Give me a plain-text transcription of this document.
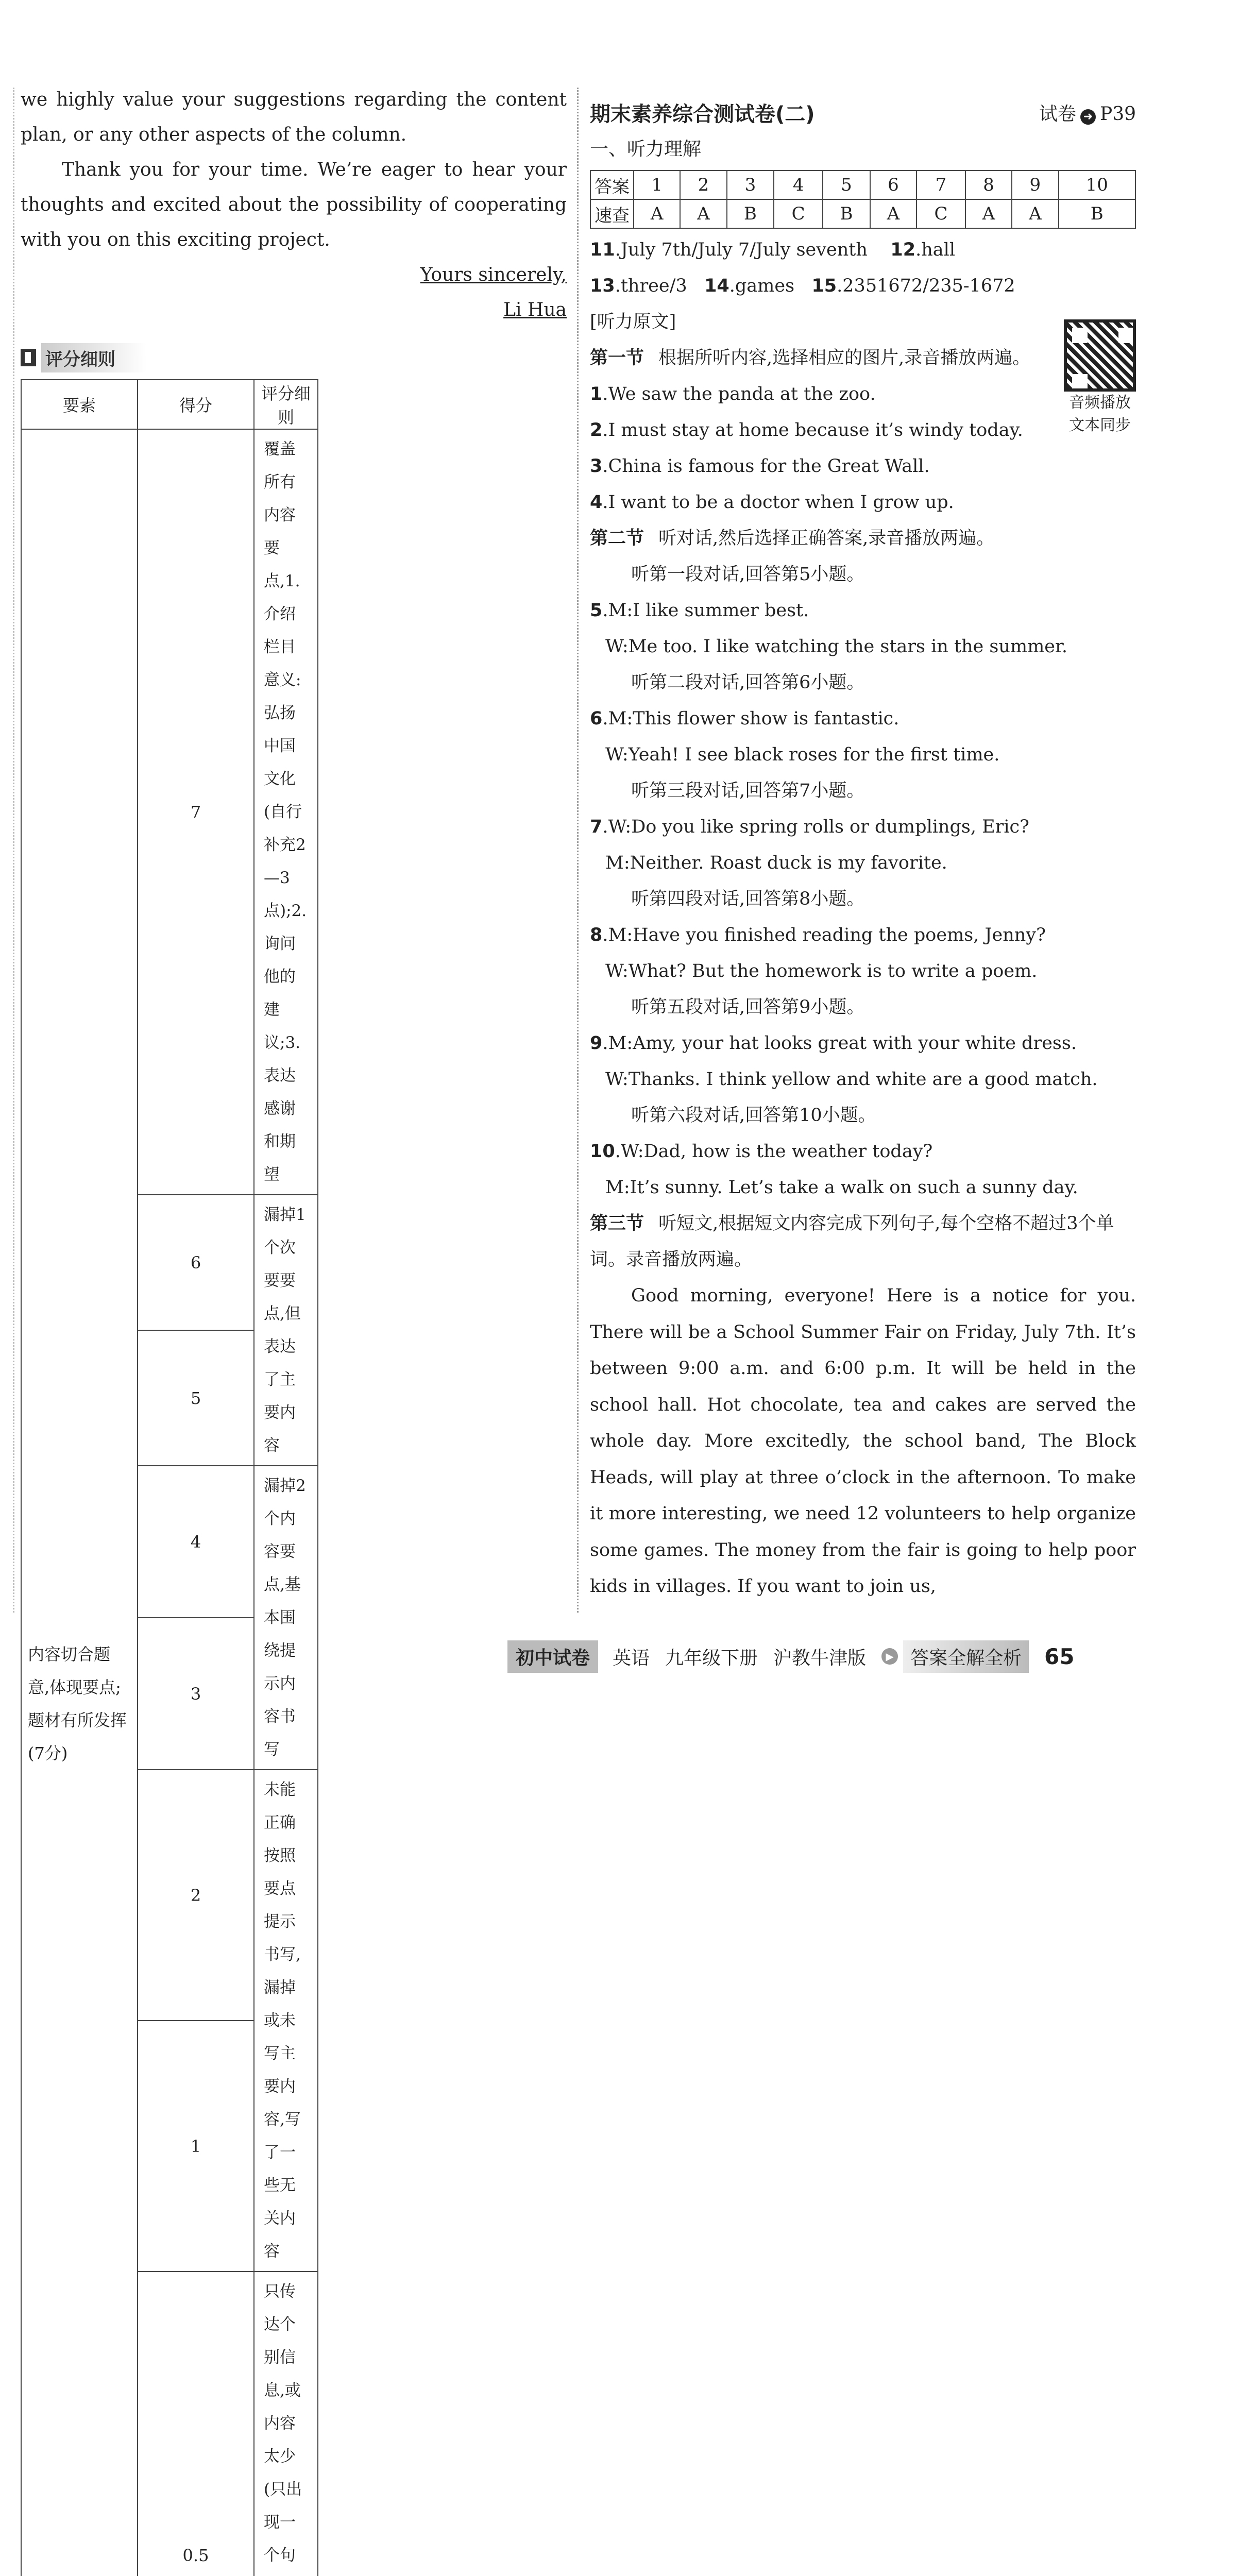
we highly value your suggestions regarding the content plan, or any other aspects of the column.

Thank you for your time. We’re eager to hear your thoughts and excited about the possibility of cooperating with you on this exciting project.

Yours sincerely,
Li Hua
评分细则
要素	得分	评分细则	
内容切合题意,体现要点;题材有所发挥(7分)	7	覆盖所有内容要点,1.介绍栏目意义:弘扬中国文化(自行补充2—3点);2.询问他的建议;3.表达感谢和期望	
	6	漏掉1个次要要点,但表达了主要内容	
	5		
	4	漏掉2个内容要点,基本围绕提示内容书写	
	3		
	2	未能正确按照要点提示书写,漏掉或未写主要内容,写了一些无关内容	
	1		
	0.5	只传达个别信息,或内容太少(只出现一个句	

期末素养综合测试卷(二)	试卷 ➜ P39
一、听力理解
答案	1	2	3	4	5	6	7	8	9	10
速查	A	A	B	C	B	A	C	A	A	B
11.July 7th/July 7/July seventh 12.hall
13.three/3 14.games 15.2351672/235-1672
[听力原文]
音频播放
文本同步
第一节 根据所听内容,选择相应的图片,录音播放两遍。
1.We saw the panda at the zoo.
2.I must stay at home because it’s windy today.
3.China is famous for the Great Wall.
4.I want to be a doctor when I grow up.
第二节 听对话,然后选择正确答案,录音播放两遍。
听第一段对话,回答第5小题。
5.M:I like summer best.
W:Me too. I like watching the stars in the summer.
听第二段对话,回答第6小题。
6.M:This flower show is fantastic.
W:Yeah! I see black roses for the first time.
听第三段对话,回答第7小题。
7.W:Do you like spring rolls or dumplings, Eric?
M:Neither. Roast duck is my favorite.
听第四段对话,回答第8小题。
8.M:Have you finished reading the poems, Jenny?
W:What? But the homework is to write a poem.
听第五段对话,回答第9小题。
9.M:Amy, your hat looks great with your white dress.
W:Thanks. I think yellow and white are a good match.
听第六段对话,回答第10小题。
10.W:Dad, how is the weather today?
M:It’s sunny. Let’s take a walk on such a sunny day.
第三节 听短文,根据短文内容完成下列句子,每个空格不超过3个单词。录音播放两遍。
Good morning, everyone! Here is a notice for you. There will be a School Summer Fair on Friday, July 7th. It’s between 9:00 a.m. and 6:00 p.m. It will be held in the school hall. Hot chocolate, tea and cakes are served the whole day. More excitedly, the school band, The Block Heads, will play at three o’clock in the afternoon. To make it more interesting, we need 12 volunteers to help organize some games. The money from the fair is going to help poor kids in villages. If you want to join us,
初中试卷	英语 九年级下册 沪教牛津版	▶ 答案全解全析	65
